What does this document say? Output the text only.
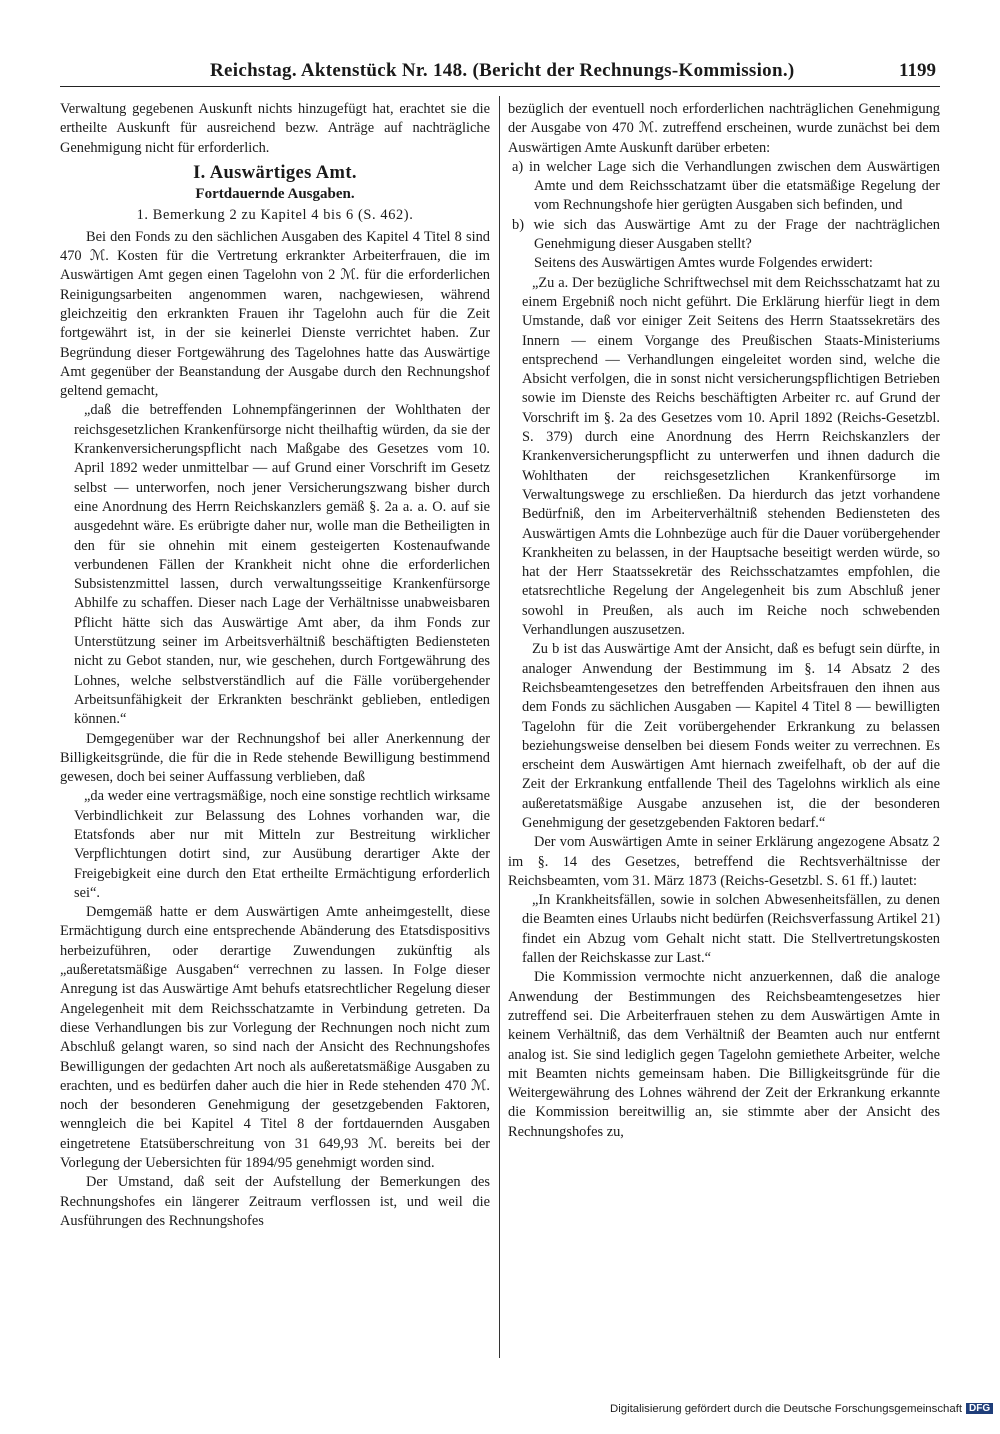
Reichstag. Aktenstück Nr. 148. (Bericht der Rechnungs-Kommission.)	1199

Verwaltung gegebenen Auskunft nichts hinzugefügt hat, erachtet sie die ertheilte Auskunft für ausreichend bezw. Anträge auf nachträgliche Genehmigung nicht für erforderlich.

I. Auswärtiges Amt.
Fortdauernde Ausgaben.

1. Bemerkung 2 zu Kapitel 4 bis 6 (S. 462).

Bei den Fonds zu den sächlichen Ausgaben des Kapitel 4 Titel 8 sind 470 ℳ. Kosten für die Vertretung erkrankter Arbeiterfrauen, die im Auswärtigen Amt gegen einen Tagelohn von 2 ℳ. für die erforderlichen Reinigungsarbeiten angenommen waren, nachgewiesen, während gleichzeitig den erkrankten Frauen ihr Tagelohn auch für die Zeit fortgewährt ist, in der sie keinerlei Dienste verrichtet haben. Zur Begründung dieser Fortgewährung des Tagelohnes hatte das Auswärtige Amt gegenüber der Beanstandung der Ausgabe durch den Rechnungshof geltend gemacht,

„daß die betreffenden Lohnempfängerinnen der Wohlthaten der reichsgesetzlichen Krankenfürsorge nicht theilhaftig würden, da sie der Krankenversicherungspflicht nach Maßgabe des Gesetzes vom 10. April 1892 weder unmittelbar — auf Grund einer Vorschrift im Gesetz selbst — unterworfen, noch jener Versicherungszwang bisher durch eine Anordnung des Herrn Reichskanzlers gemäß §. 2a a. a. O. auf sie ausgedehnt wäre. Es erübrigte daher nur, wolle man die Betheiligten in den für sie ohnehin mit einem gesteigerten Kostenaufwande verbundenen Fällen der Krankheit nicht ohne die erforderlichen Subsistenzmittel lassen, durch verwaltungsseitige Krankenfürsorge Abhilfe zu schaffen. Dieser nach Lage der Verhältnisse unabweisbaren Pflicht hätte sich das Auswärtige Amt aber, da ihm Fonds zur Unterstützung seiner im Arbeitsverhältniß beschäftigten Bediensteten nicht zu Gebot standen, nur, wie geschehen, durch Fortgewährung des Lohnes, welche selbstverständlich auf die Fälle vorübergehender Arbeitsunfähigkeit der Erkrankten beschränkt geblieben, entledigen können.“

Demgegenüber war der Rechnungshof bei aller Anerkennung der Billigkeitsgründe, die für die in Rede stehende Bewilligung bestimmend gewesen, doch bei seiner Auffassung verblieben, daß

„da weder eine vertragsmäßige, noch eine sonstige rechtlich wirksame Verbindlichkeit zur Belassung des Lohnes vorhanden war, die Etatsfonds aber nur mit Mitteln zur Bestreitung wirklicher Verpflichtungen dotirt sind, zur Ausübung derartiger Akte der Freigebigkeit eine durch den Etat ertheilte Ermächtigung erforderlich sei“.

Demgemäß hatte er dem Auswärtigen Amte anheimgestellt, diese Ermächtigung durch eine entsprechende Abänderung des Etatsdispositivs herbeizuführen, oder derartige Zuwendungen zukünftig als „außeretatsmäßige Ausgaben“ verrechnen zu lassen. In Folge dieser Anregung ist das Auswärtige Amt behufs etatsrechtlicher Regelung dieser Angelegenheit mit dem Reichsschatzamte in Verbindung getreten. Da diese Verhandlungen bis zur Vorlegung der Rechnungen noch nicht zum Abschluß gelangt waren, so sind nach der Ansicht des Rechnungshofes Bewilligungen der gedachten Art noch als außeretatsmäßige Ausgaben zu erachten, und es bedürfen daher auch die hier in Rede stehenden 470 ℳ. noch der besonderen Genehmigung der gesetzgebenden Faktoren, wenngleich die bei Kapitel 4 Titel 8 der fortdauernden Ausgaben eingetretene Etatsüberschreitung von 31 649,93 ℳ. bereits bei der Vorlegung der Uebersichten für 1894/95 genehmigt worden sind.

Der Umstand, daß seit der Aufstellung der Bemerkungen des Rechnungshofes ein längerer Zeitraum verflossen ist, und weil die Ausführungen des Rechnungshofes

bezüglich der eventuell noch erforderlichen nachträglichen Genehmigung der Ausgabe von 470 ℳ. zutreffend erscheinen, wurde zunächst bei dem Auswärtigen Amte Auskunft darüber erbeten:

a) in welcher Lage sich die Verhandlungen zwischen dem Auswärtigen Amte und dem Reichsschatzamt über die etatsmäßige Regelung der vom Rechnungshofe hier gerügten Ausgaben sich befinden, und

b) wie sich das Auswärtige Amt zu der Frage der nachträglichen Genehmigung dieser Ausgaben stellt?

Seitens des Auswärtigen Amtes wurde Folgendes erwidert:

„Zu a. Der bezügliche Schriftwechsel mit dem Reichsschatzamt hat zu einem Ergebniß noch nicht geführt. Die Erklärung hierfür liegt in dem Umstande, daß vor einiger Zeit Seitens des Herrn Staatssekretärs des Innern — einem Vorgange des Preußischen Staats-Ministeriums entsprechend — Verhandlungen eingeleitet worden sind, welche die Absicht verfolgen, die in sonst nicht versicherungspflichtigen Betrieben sowie im Dienste des Reichs beschäftigten Arbeiter rc. auf Grund der Vorschrift im §. 2a des Gesetzes vom 10. April 1892 (Reichs-Gesetzbl. S. 379) durch eine Anordnung des Herrn Reichskanzlers der Krankenversicherungspflicht zu unterwerfen und ihnen dadurch die Wohlthaten der reichsgesetzlichen Krankenfürsorge im Verwaltungswege zu erschließen. Da hierdurch das jetzt vorhandene Bedürfniß, den im Arbeiterverhältniß stehenden Bediensteten des Auswärtigen Amts die Lohnbezüge auch für die Dauer vorübergehender Krankheiten zu belassen, in der Hauptsache beseitigt werden würde, so hat der Herr Staatssekretär des Reichsschatzamtes empfohlen, die etatsrechtliche Regelung der Angelegenheit bis zum Abschluß jener sowohl in Preußen, als auch im Reiche noch schwebenden Verhandlungen auszusetzen.

Zu b ist das Auswärtige Amt der Ansicht, daß es befugt sein dürfte, in analoger Anwendung der Bestimmung im §. 14 Absatz 2 des Reichsbeamtengesetzes den betreffenden Arbeitsfrauen den ihnen aus dem Fonds zu sächlichen Ausgaben — Kapitel 4 Titel 8 — bewilligten Tagelohn für die Zeit vorübergehender Erkrankung zu belassen beziehungsweise denselben bei diesem Fonds weiter zu verrechnen. Es erscheint dem Auswärtigen Amt hiernach zweifelhaft, ob der auf die Zeit der Erkrankung entfallende Theil des Tagelohns wirklich als eine außeretatsmäßige Ausgabe anzusehen ist, die der besonderen Genehmigung der gesetzgebenden Faktoren bedarf.“

Der vom Auswärtigen Amte in seiner Erklärung angezogene Absatz 2 im §. 14 des Gesetzes, betreffend die Rechtsverhältnisse der Reichsbeamten, vom 31. März 1873 (Reichs-Gesetzbl. S. 61 ff.) lautet:

„In Krankheitsfällen, sowie in solchen Abwesenheitsfällen, zu denen die Beamten eines Urlaubs nicht bedürfen (Reichsverfassung Artikel 21) findet ein Abzug vom Gehalt nicht statt. Die Stellvertretungskosten fallen der Reichskasse zur Last.“

Die Kommission vermochte nicht anzuerkennen, daß die analoge Anwendung der Bestimmungen des Reichsbeamtengesetzes hier zutreffend sei. Die Arbeiterfrauen stehen zu dem Auswärtigen Amte in keinem Verhältniß, das dem Verhältniß der Beamten auch nur entfernt analog ist. Sie sind lediglich gegen Tagelohn gemiethete Arbeiter, welche mit Beamten nichts gemeinsam haben. Die Billigkeitsgründe für die Weitergewährung des Lohnes während der Zeit der Erkrankung erkannte die Kommission bereitwillig an, sie stimmte aber der Ansicht des Rechnungshofes zu,

Digitalisierung gefördert durch die Deutsche Forschungsgemeinschaft DFG
